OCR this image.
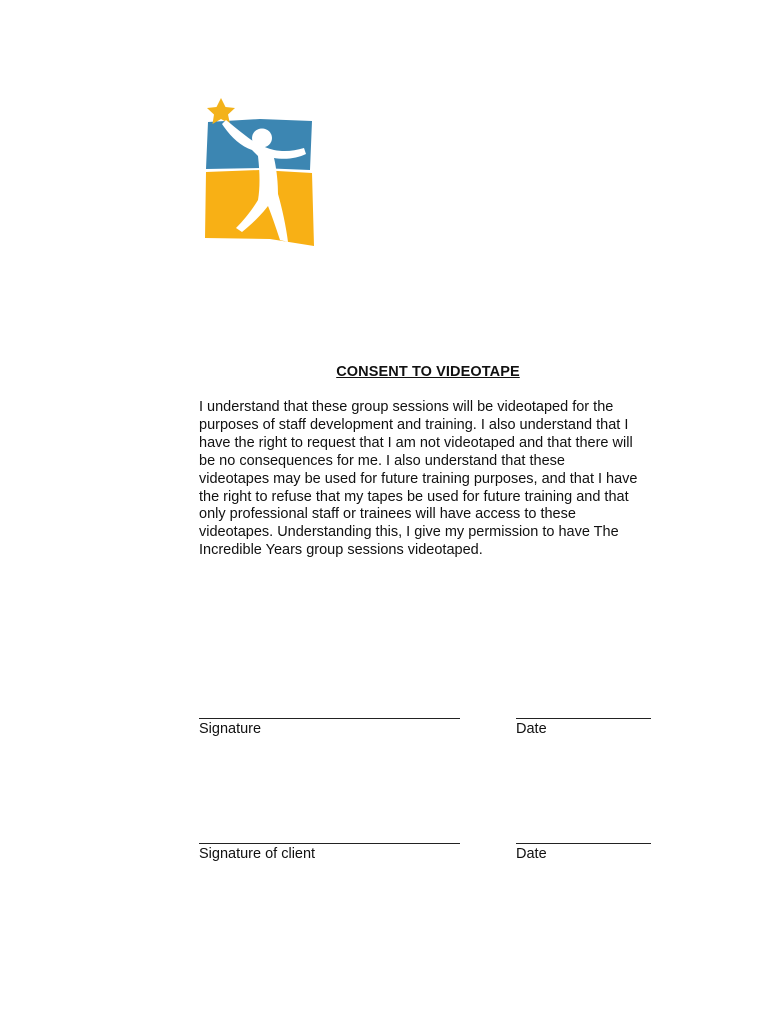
CONSENT TO VIDEOTAPE

I understand that these group sessions will be videotaped for the
purposes of staff development and training. I also understand that I
have the right to request that I am not videotaped and that there will
be no consequences for me. I also understand that these
videotapes may be used for future training purposes, and that I have
the right to refuse that my tapes be used for future training and that
only professional staff or trainees will have access to these
videotapes. Understanding this, I give my permission to have The
Incredible Years group sessions videotaped.

Signature	Date

Signature of client	Date
